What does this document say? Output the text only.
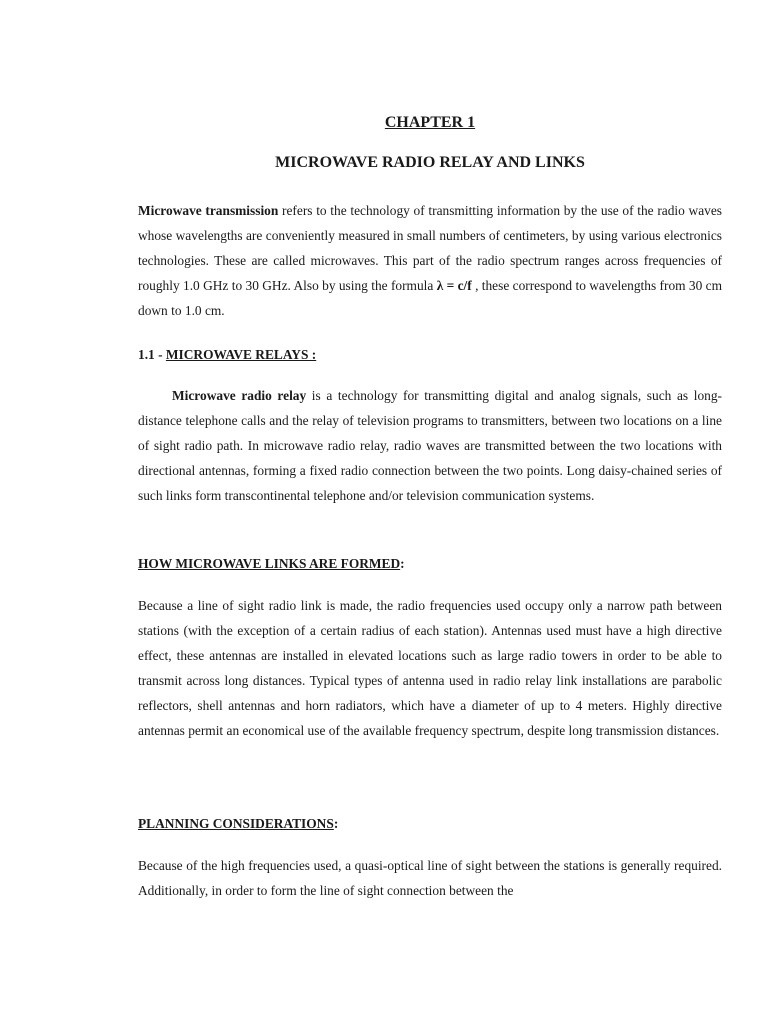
CHAPTER 1
MICROWAVE RADIO RELAY AND LINKS

Microwave transmission refers to the technology of transmitting information by the use of the radio waves whose wavelengths are conveniently measured in small numbers of centimeters, by using various electronics technologies. These are called microwaves. This part of the radio spectrum ranges across frequencies of roughly 1.0 GHz to 30 GHz. Also by using the formula λ = c/f , these correspond to wavelengths from 30 cm down to 1.0 cm.

1.1 - MICROWAVE RELAYS :

Microwave radio relay is a technology for transmitting digital and analog signals, such as long-distance telephone calls and the relay of television programs to transmitters, between two locations on a line of sight radio path. In microwave radio relay, radio waves are transmitted between the two locations with directional antennas, forming a fixed radio connection between the two points. Long daisy-chained series of such links form transcontinental telephone and/or television communication systems.

HOW MICROWAVE LINKS ARE FORMED:

Because a line of sight radio link is made, the radio frequencies used occupy only a narrow path between stations (with the exception of a certain radius of each station). Antennas used must have a high directive effect, these antennas are installed in elevated locations such as large radio towers in order to be able to transmit across long distances. Typical types of antenna used in radio relay link installations are parabolic reflectors, shell antennas and horn radiators, which have a diameter of up to 4 meters. Highly directive antennas permit an economical use of the available frequency spectrum, despite long transmission distances.

PLANNING CONSIDERATIONS:

Because of the high frequencies used, a quasi-optical line of sight between the stations is generally required. Additionally, in order to form the line of sight connection between the
